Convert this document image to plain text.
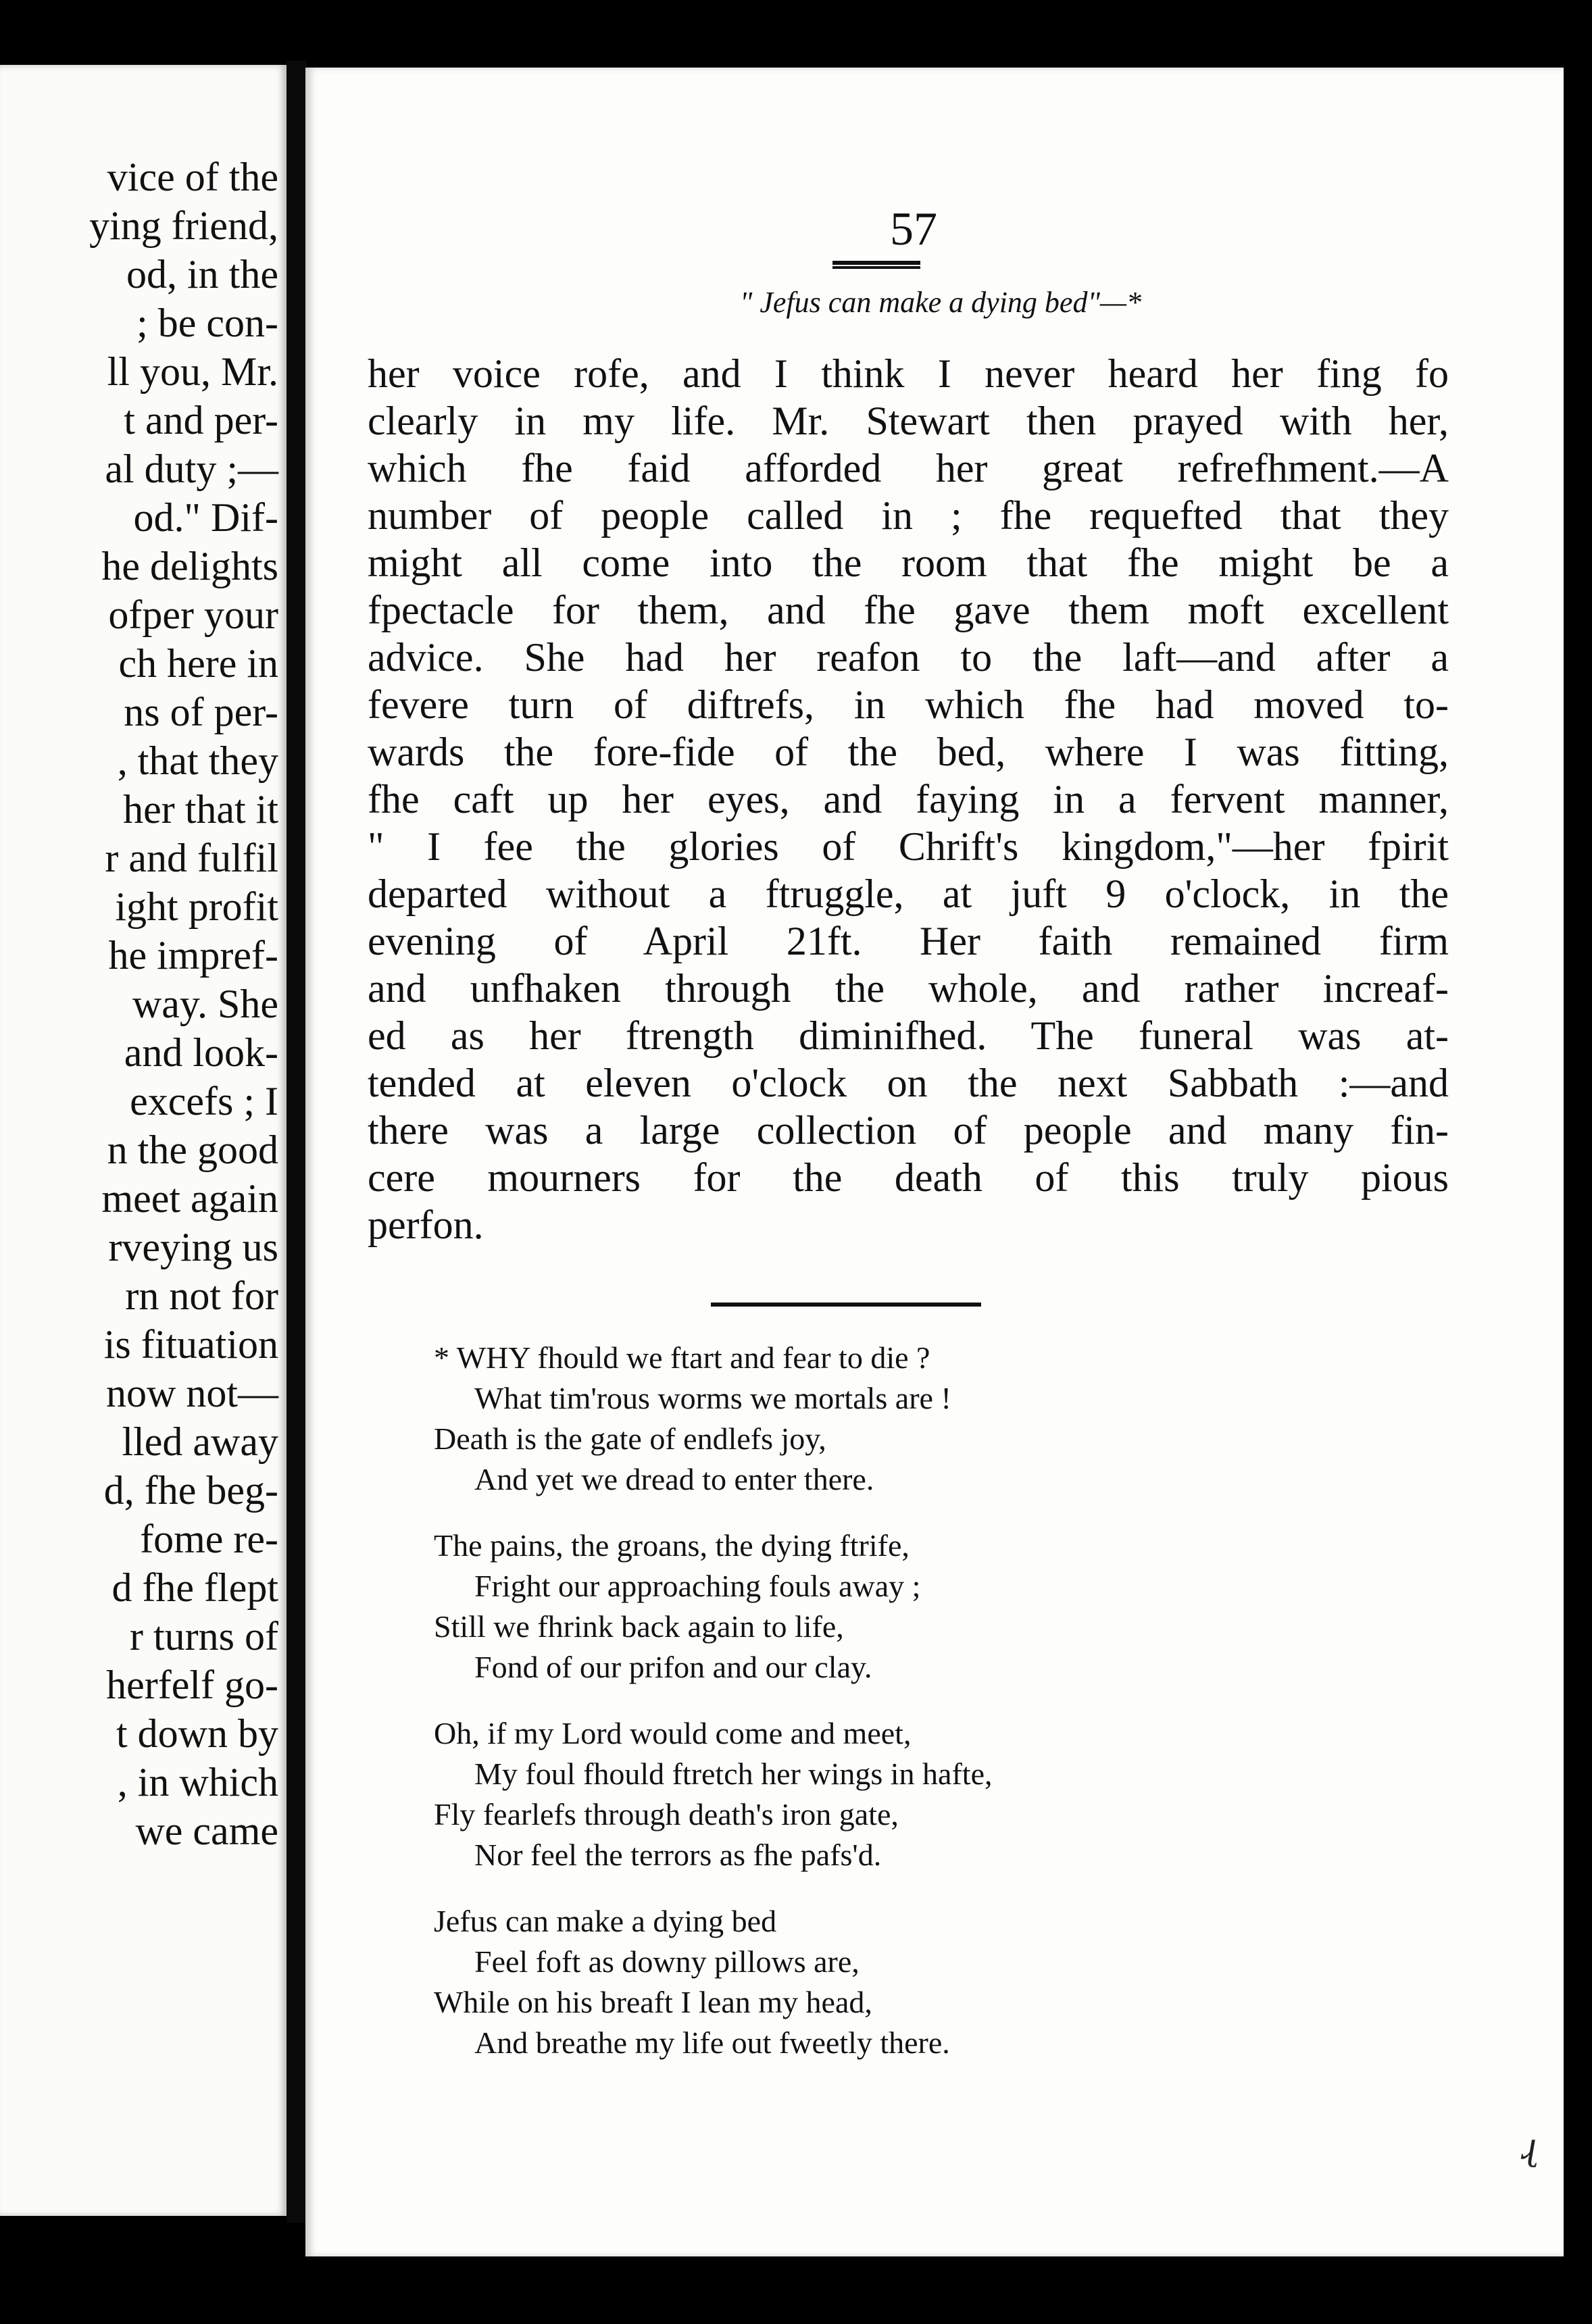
vice of the
ying friend,
od, in the
; be con-
ll you, Mr.
t and per-
al duty ;—
od." Dif-
he delights
ofper your
ch here in
ns of per-
, that they
her that it
r and fulfil
ight profit
he impref-
way. She
and look-
excefs ; I
n the good
meet again
rveying us
rn not for
is fituation
now not—
lled away
d, fhe beg-
fome re-
d fhe flept
r turns of
herfelf go-
t down by
, in which
we came
57
" Jefus can make a dying bed"—*
her voice rofe, and I think I never heard her fing fo
clearly in my life. Mr. Stewart then prayed with her,
which fhe faid afforded her great refrefhment.—A
number of people called in ; fhe requefted that they
might all come into the room that fhe might be a
fpectacle for them, and fhe gave them moft excellent
advice. She had her reafon to the laft—and after a
fevere turn of diftrefs, in which fhe had moved to-
wards the fore-fide of the bed, where I was fitting,
fhe caft up her eyes, and faying in a fervent manner,
" I fee the glories of Chrift's kingdom,"—her fpirit
departed without a ftruggle, at juft 9 o'clock, in the
evening of April 21ft. Her faith remained firm
and unfhaken through the whole, and rather increaf-
ed as her ftrength diminifhed. The funeral was at-
tended at eleven o'clock on the next Sabbath :—and
there was a large collection of people and many fin-
cere mourners for the death of this truly pious
perfon.
* WHY fhould we ftart and fear to die ?
What tim'rous worms we mortals are !
Death is the gate of endlefs joy,
And yet we dread to enter there.
The pains, the groans, the dying ftrife,
Fright our approaching fouls away ;
Still we fhrink back again to life,
Fond of our prifon and our clay.
Oh, if my Lord would come and meet,
My foul fhould ftretch her wings in hafte,
Fly fearlefs through death's iron gate,
Nor feel the terrors as fhe pafs'd.
Jefus can make a dying bed
Feel foft as downy pillows are,
While on his breaft I lean my head,
And breathe my life out fweetly there.
ɻ
